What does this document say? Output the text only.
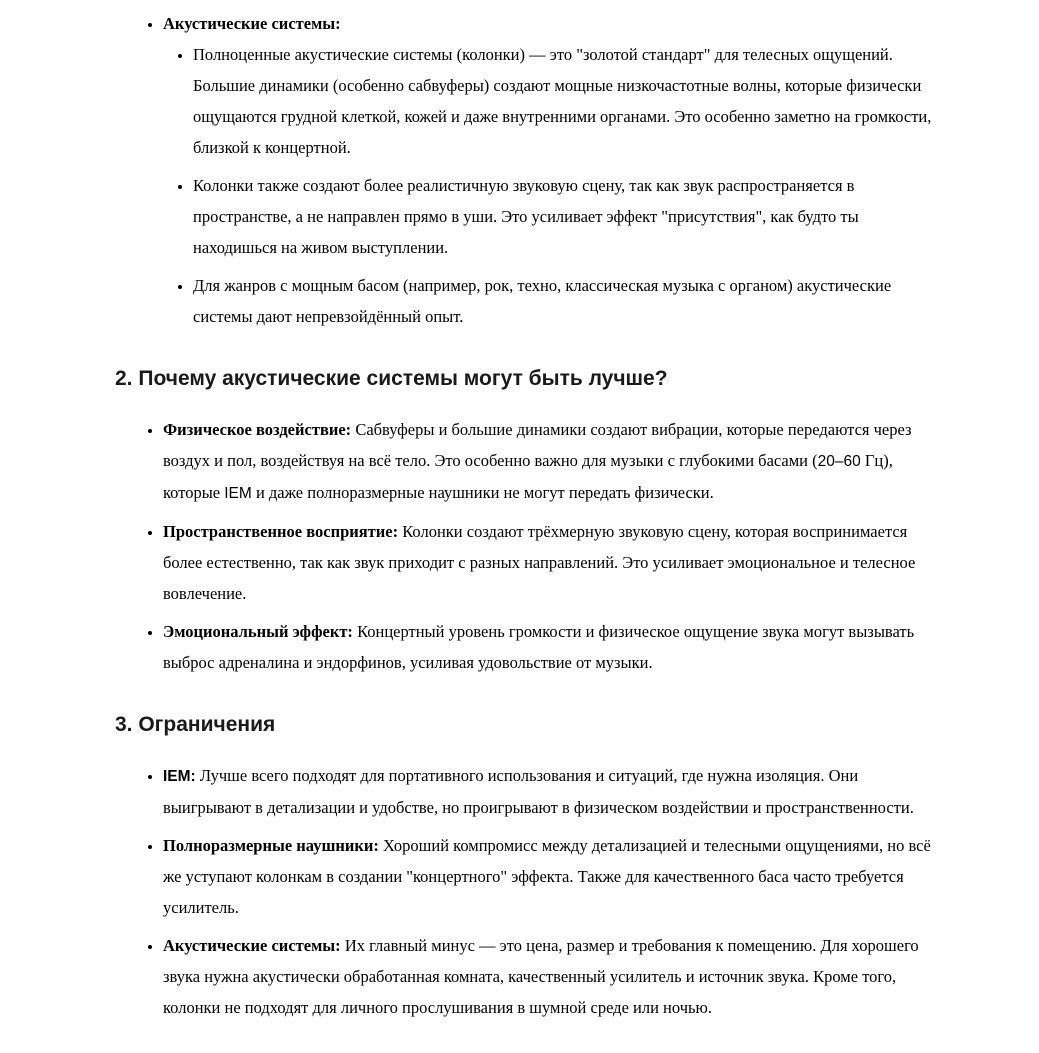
• Акустические системы:
• Полноценные акустические системы (колонки) — это "золотой стандарт" для телесных ощущений. Большие динамики (особенно сабвуферы) создают мощные низкочастотные волны, которые физически ощущаются грудной клеткой, кожей и даже внутренними органами. Это особенно заметно на громкости, близкой к концертной.
• Колонки также создают более реалистичную звуковую сцену, так как звук распространяется в пространстве, а не направлен прямо в уши. Это усиливает эффект "присутствия", как будто ты находишься на живом выступлении.
• Для жанров с мощным басом (например, рок, техно, классическая музыка с органом) акустические системы дают непревзойдённый опыт.
2. Почему акустические системы могут быть лучше?
• Физическое воздействие: Сабвуферы и большие динамики создают вибрации, которые передаются через воздух и пол, воздействуя на всё тело. Это особенно важно для музыки с глубокими басами (20–60 Гц), которые IEM и даже полноразмерные наушники не могут передать физически.
• Пространственное восприятие: Колонки создают трёхмерную звуковую сцену, которая воспринимается более естественно, так как звук приходит с разных направлений. Это усиливает эмоциональное и телесное вовлечение.
• Эмоциональный эффект: Концертный уровень громкости и физическое ощущение звука могут вызывать выброс адреналина и эндорфинов, усиливая удовольствие от музыки.
3. Ограничения
• IEM: Лучше всего подходят для портативного использования и ситуаций, где нужна изоляция. Они выигрывают в детализации и удобстве, но проигрывают в физическом воздействии и пространственности.
• Полноразмерные наушники: Хороший компромисс между детализацией и телесными ощущениями, но всё же уступают колонкам в создании "концертного" эффекта. Также для качественного баса часто требуется усилитель.
• Акустические системы: Их главный минус — это цена, размер и требования к помещению. Для хорошего звука нужна акустически обработанная комната, качественный усилитель и источник звука. Кроме того, колонки не подходят для личного прослушивания в шумной среде или ночью.
